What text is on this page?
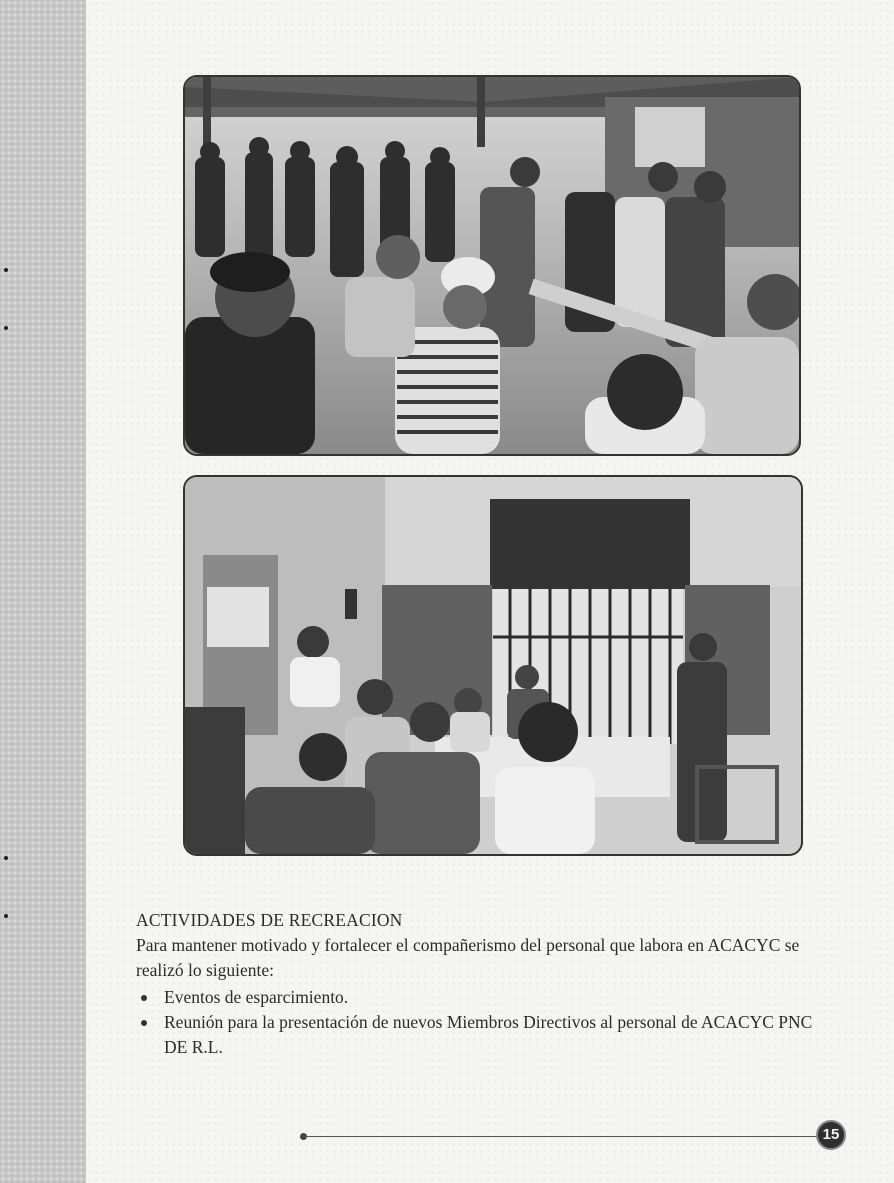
ACTIVIDADES DE RECREACION

Para mantener motivado y fortalecer el compañerismo del personal que labora en ACACYC se realizó lo siguiente:

Eventos de esparcimiento.
Reunión para la presentación de nuevos Miembros Directivos al personal de ACACYC PNC DE R.L.
15
